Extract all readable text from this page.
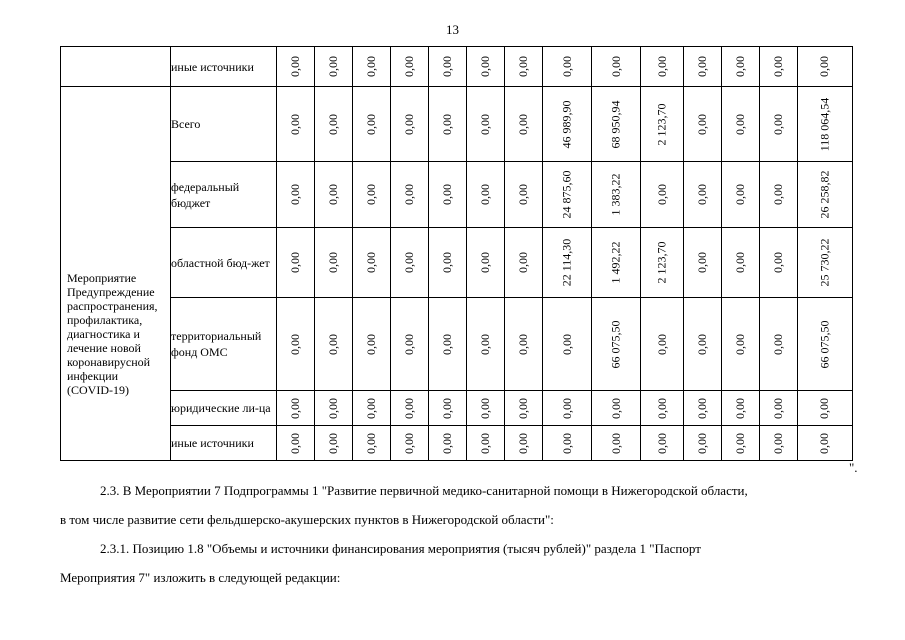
13
	иные источники	0,00	0,00	0,00	0,00	0,00	0,00	0,00	0,00	0,00	0,00	0,00	0,00	0,00	0,00

Мероприятие Предупреждение распространения, профилактика, диагностика и лечение новой коронавирусной инфекции (COVID-19)	Всего	0,00	0,00	0,00	0,00	0,00	0,00	0,00	46 989,90	68 950,94	2 123,70	0,00	0,00	0,00	118 064,54
	федеральный бюджет	0,00	0,00	0,00	0,00	0,00	0,00	0,00	24 875,60	1 383,22	0,00	0,00	0,00	0,00	26 258,82
	областной бюд-жет	0,00	0,00	0,00	0,00	0,00	0,00	0,00	22 114,30	1 492,22	2 123,70	0,00	0,00	0,00	25 730,22
	территориальный фонд ОМС	0,00	0,00	0,00	0,00	0,00	0,00	0,00	0,00	66 075,50	0,00	0,00	0,00	0,00	66 075,50
	юридические ли-ца	0,00	0,00	0,00	0,00	0,00	0,00	0,00	0,00	0,00	0,00	0,00	0,00	0,00	0,00
	иные источники	0,00	0,00	0,00	0,00	0,00	0,00	0,00	0,00	0,00	0,00	0,00	0,00	0,00	0,00
".
2.3. В Мероприятии 7 Подпрограммы 1 "Развитие первичной медико-санитарной помощи в Нижегородской области,
в том числе развитие сети фельдшерско-акушерских пунктов в Нижегородской области":
2.3.1. Позицию 1.8 "Объемы и источники финансирования мероприятия (тысяч рублей)" раздела 1 "Паспорт
Мероприятия 7" изложить в следующей редакции:
